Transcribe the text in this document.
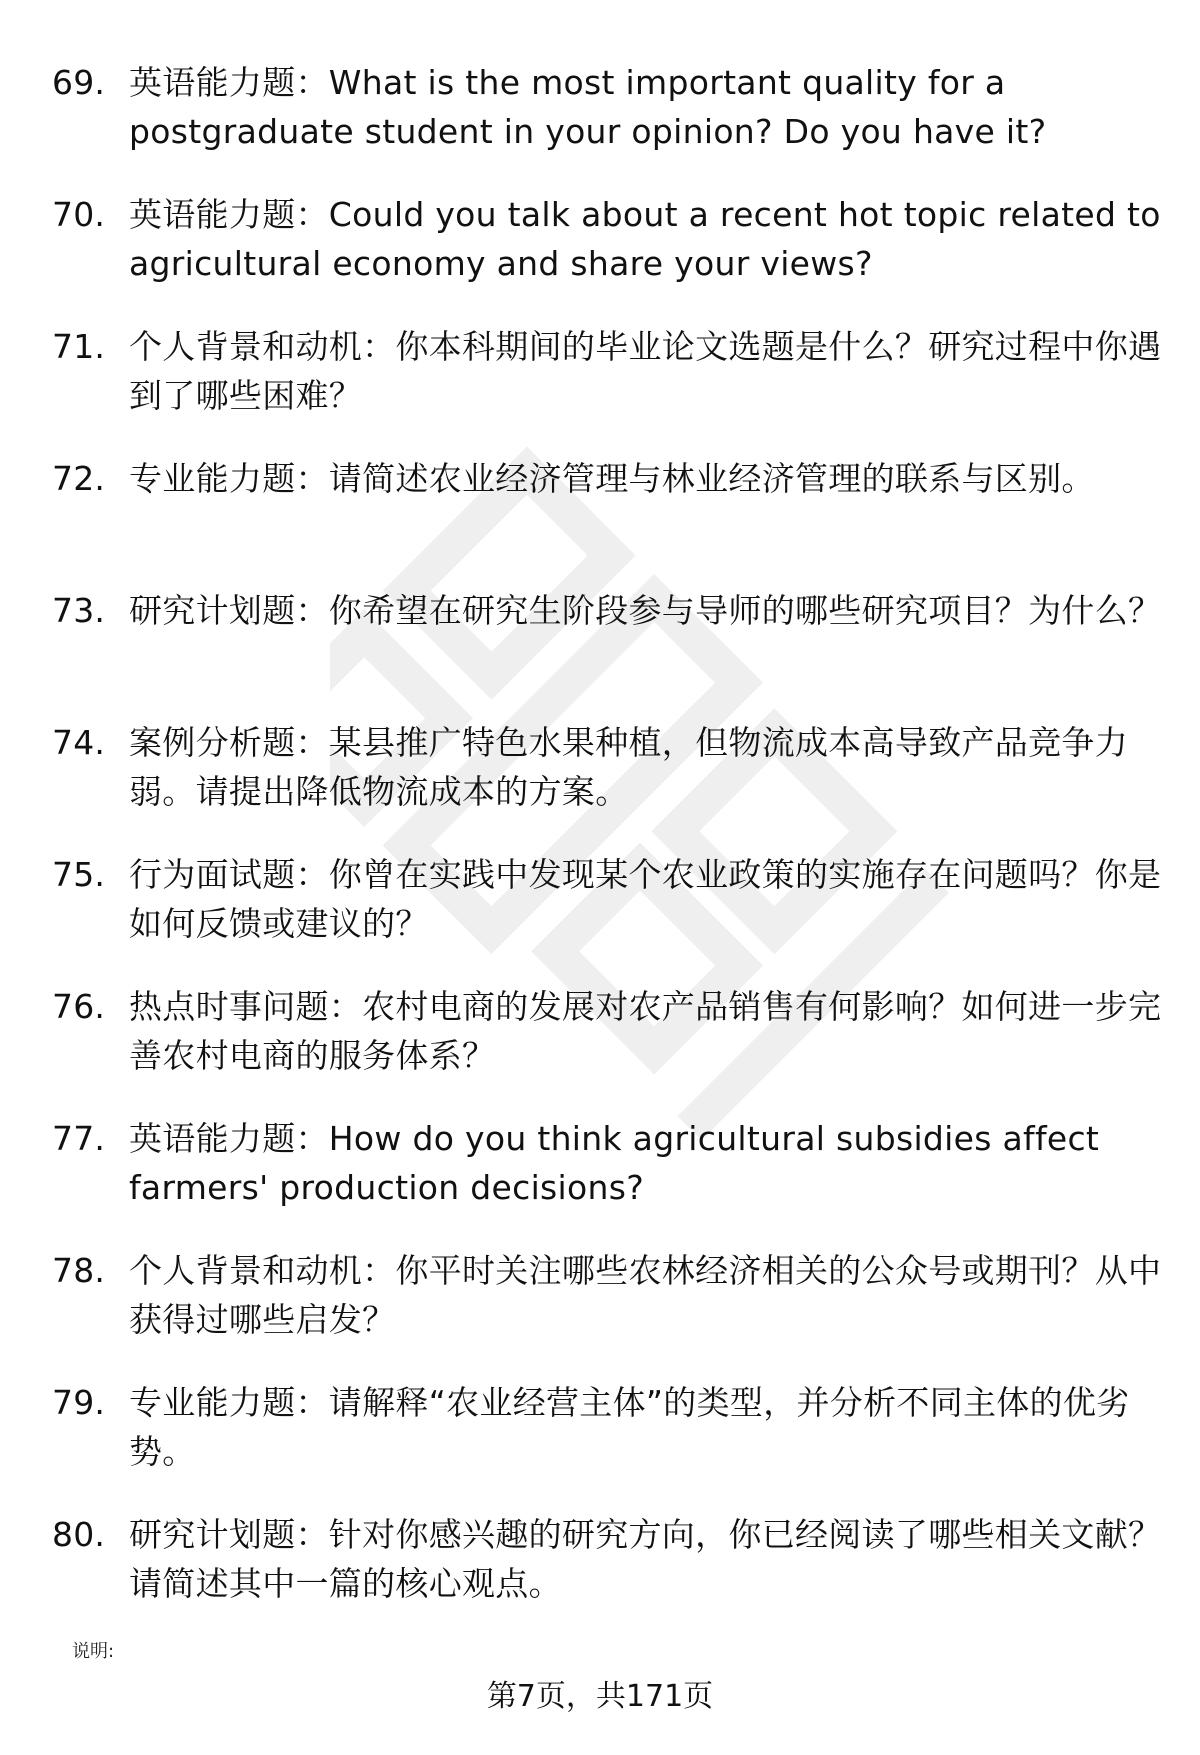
69. 英语能力题：What is the most important quality for a postgraduate student in your opinion? Do you have it?
70. 英语能力题：Could you talk about a recent hot topic related to agricultural economy and share your views?
71. 个人背景和动机：你本科期间的毕业论文选题是什么？研究过程中你遇到了哪些困难？
72. 专业能力题：请简述农业经济管理与林业经济管理的联系与区别。
73. 研究计划题：你希望在研究生阶段参与导师的哪些研究项目？为什么？
74. 案例分析题：某县推广特色水果种植，但物流成本高导致产品竞争力弱。请提出降低物流成本的方案。
75. 行为面试题：你曾在实践中发现某个农业政策的实施存在问题吗？你是如何反馈或建议的？
76. 热点时事问题：农村电商的发展对农产品销售有何影响？如何进一步完善农村电商的服务体系？
77. 英语能力题：How do you think agricultural subsidies affect farmers' production decisions?
78. 个人背景和动机：你平时关注哪些农林经济相关的公众号或期刊？从中获得过哪些启发？
79. 专业能力题：请解释“农业经营主体”的类型，并分析不同主体的优劣势。
80. 研究计划题：针对你感兴趣的研究方向，你已经阅读了哪些相关文献？请简述其中一篇的核心观点。
说明:
第7页，共171页
